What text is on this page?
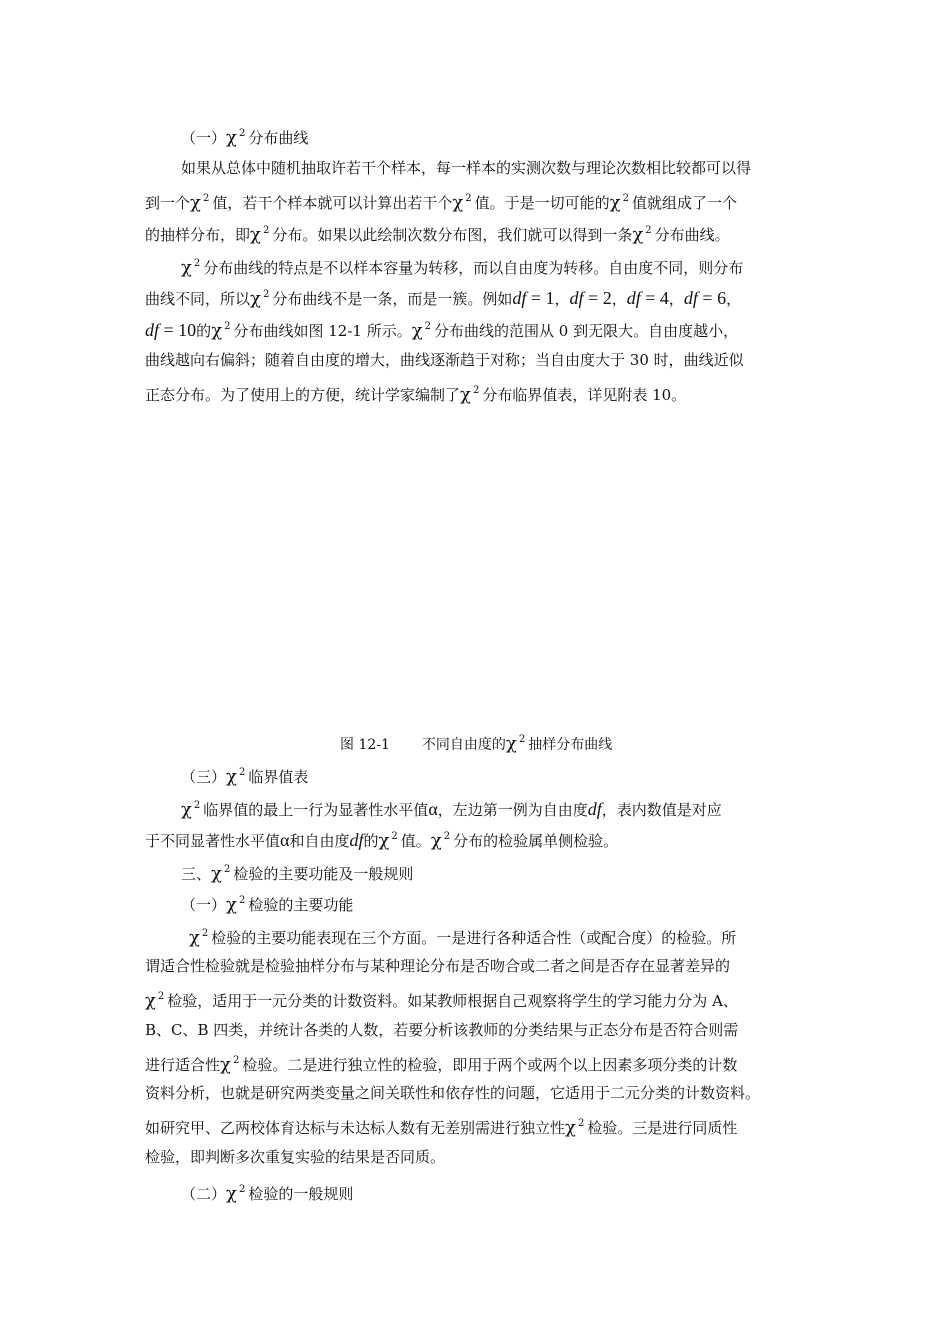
（一）χ $^2$ 分布曲线
如果从总体中随机抽取许若干个样本，每一样本的实测次数与理论次数相比较都可以得
到一个χ $^2$ 值，若干个样本就可以计算出若干个χ $^2$ 值。于是一切可能的χ $^2$ 值就组成了一个
的抽样分布，即χ $^2$ 分布。如果以此绘制次数分布图，我们就可以得到一条χ $^2$ 分布曲线。
χ $^2$ 分布曲线的特点是不以样本容量为转移，而以自由度为转移。自由度不同，则分布
曲线不同，所以χ $^2$ 分布曲线不是一条，而是一簇。例如df = 1，df = 2，df = 4，df = 6，
df = 10的χ $^2$ 分布曲线如图 12-1 所示。χ $^2$ 分布曲线的范围从 0 到无限大。自由度越小，
曲线越向右偏斜；随着自由度的增大，曲线逐渐趋于对称；当自由度大于 30 时，曲线近似
正态分布。为了使用上的方便，统计学家编制了χ $^2$ 分布临界值表，详见附表 10。
图 12-1 不同自由度的χ $^2$ 抽样分布曲线
（三）χ $^2$ 临界值表
χ $^2$ 临界值的最上一行为显著性水平值α，左边第一例为自由度df，表内数值是对应
于不同显著性水平值α和自由度df的χ $^2$ 值。χ $^2$ 分布的检验属单侧检验。
三、χ $^2$ 检验的主要功能及一般规则
（一）χ $^2$ 检验的主要功能
χ $^2$ 检验的主要功能表现在三个方面。一是进行各种适合性（或配合度）的检验。所
谓适合性检验就是检验抽样分布与某种理论分布是否吻合或二者之间是否存在显著差异的
χ $^2$ 检验，适用于一元分类的计数资料。如某教师根据自己观察将学生的学习能力分为 A、
B、C、B 四类，并统计各类的人数，若要分析该教师的分类结果与正态分布是否符合则需
进行适合性χ $^2$ 检验。二是进行独立性的检验，即用于两个或两个以上因素多项分类的计数
资料分析，也就是研究两类变量之间关联性和依存性的问题，它适用于二元分类的计数资料。
如研究甲、乙两校体育达标与未达标人数有无差别需进行独立性χ $^2$ 检验。三是进行同质性
检验，即判断多次重复实验的结果是否同质。
（二）χ $^2$ 检验的一般规则
